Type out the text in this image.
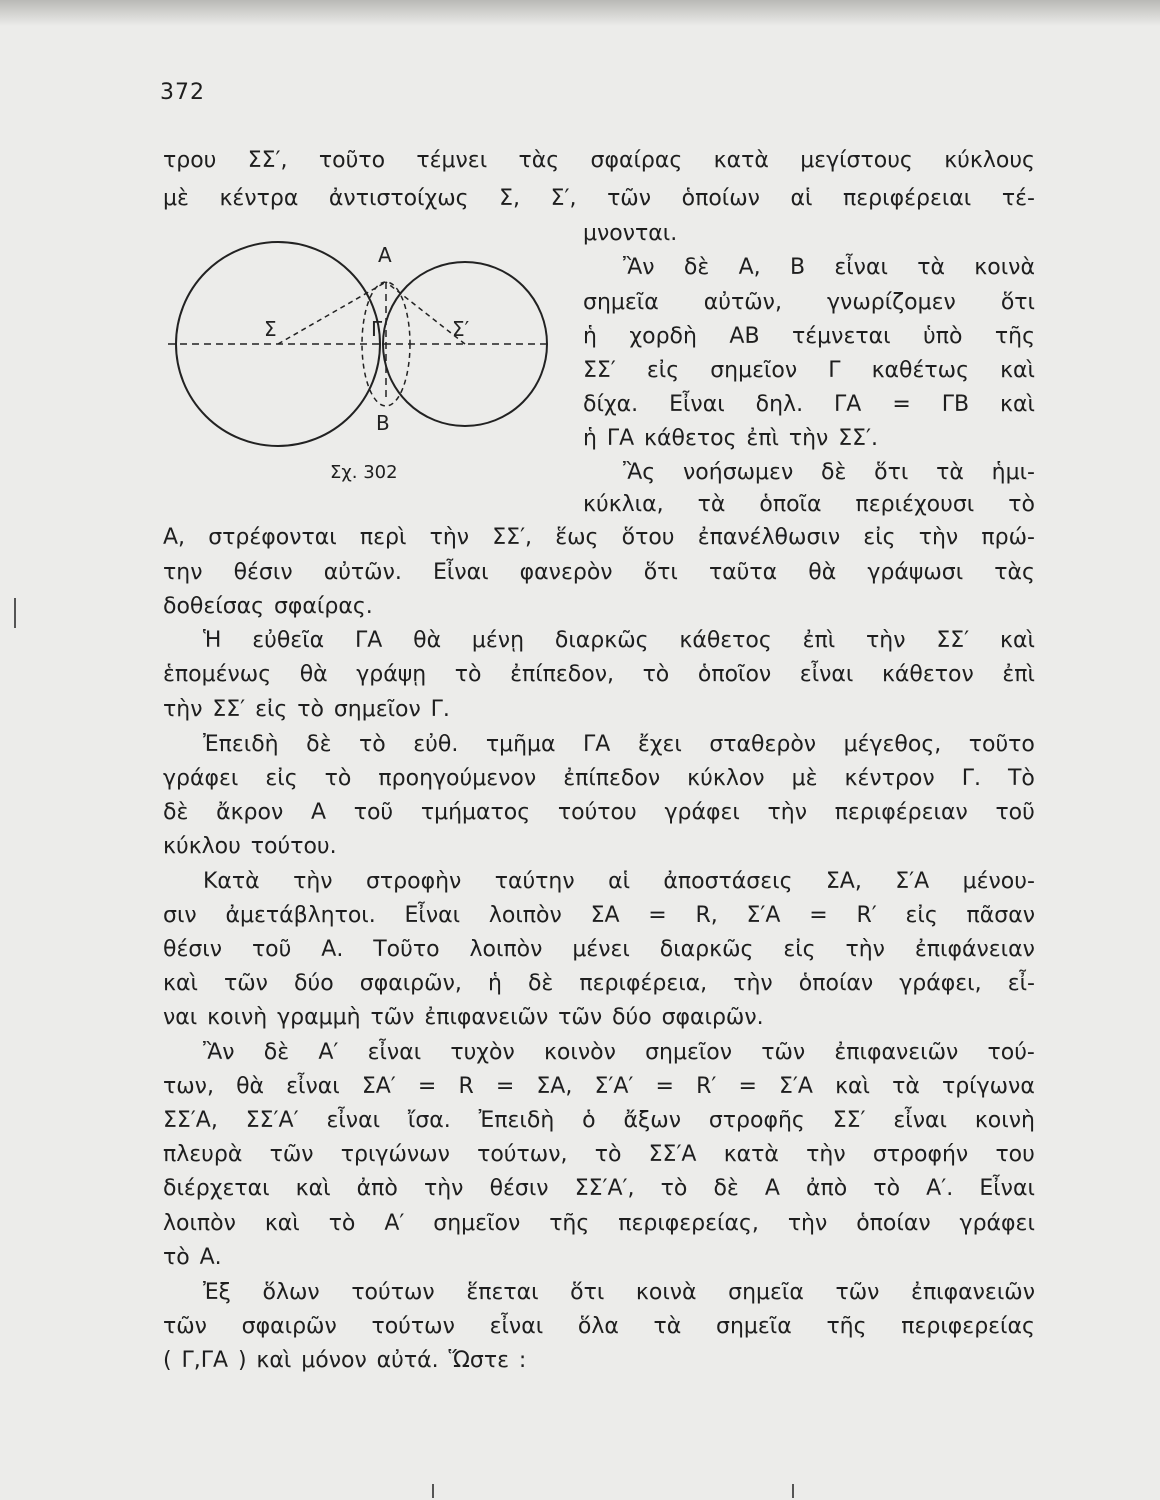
372
A
B
Σ	Γ	Σ′
Σχ. 302
τρου ΣΣ′, τοῦτο τέμνει τὰς σφαίρας κατὰ μεγίστους κύκλους
μὲ κέντρα ἀντιστοίχως Σ, Σ′, τῶν ὁποίων αἱ περιφέρειαι τέ-
μνονται.
Ἂν δὲ Α, Β εἶναι τὰ κοινὰ
σημεῖα αὐτῶν, γνωρίζομεν ὅτι
ἡ χορδὴ ΑΒ τέμνεται ὑπὸ τῆς
ΣΣ′ εἰς σημεῖον Γ καθέτως καὶ
δίχα. Εἶναι δηλ. ΓΑ = ΓΒ καὶ
ἡ ΓΑ κάθετος ἐπὶ τὴν ΣΣ′.
Ἂς νοήσωμεν δὲ ὅτι τὰ ἡμι-
κύκλια, τὰ ὁποῖα περιέχουσι τὸ
Α, στρέφονται περὶ τὴν ΣΣ′, ἕως ὅτου ἐπανέλθωσιν εἰς τὴν πρώ-
την θέσιν αὐτῶν. Εἶναι φανερὸν ὅτι ταῦτα θὰ γράψωσι τὰς
δοθείσας σφαίρας.
Ἡ εὐθεῖα ΓΑ θὰ μένῃ διαρκῶς κάθετος ἐπὶ τὴν ΣΣ′ καὶ
ἑπομένως θὰ γράψῃ τὸ ἐπίπεδον, τὸ ὁποῖον εἶναι κάθετον ἐπὶ
τὴν ΣΣ′ εἰς τὸ σημεῖον Γ.
Ἐπειδὴ δὲ τὸ εὐθ. τμῆμα ΓΑ ἔχει σταθερὸν μέγεθος, τοῦτο
γράφει εἰς τὸ προηγούμενον ἐπίπεδον κύκλον μὲ κέντρον Γ. Τὸ
δὲ ἄκρον Α τοῦ τμήματος τούτου γράφει τὴν περιφέρειαν τοῦ
κύκλου τούτου.
Κατὰ τὴν στροφὴν ταύτην αἱ ἀποστάσεις ΣΑ, Σ′Α μένου-
σιν ἀμετάβλητοι. Εἶναι λοιπὸν ΣΑ = R, Σ′Α = R′ εἰς πᾶσαν
θέσιν τοῦ Α. Τοῦτο λοιπὸν μένει διαρκῶς εἰς τὴν ἐπιφάνειαν
καὶ τῶν δύο σφαιρῶν, ἡ δὲ περιφέρεια, τὴν ὁποίαν γράφει, εἶ-
ναι κοινὴ γραμμὴ τῶν ἐπιφανειῶν τῶν δύο σφαιρῶν.
Ἂν δὲ Α′ εἶναι τυχὸν κοινὸν σημεῖον τῶν ἐπιφανειῶν τού-
των, θὰ εἶναι ΣΑ′ = R = ΣΑ, Σ′Α′ = R′ = Σ′Α καὶ τὰ τρίγωνα
ΣΣ′Α, ΣΣ′Α′ εἶναι ἴσα. Ἐπειδὴ ὁ ἄξων στροφῆς ΣΣ′ εἶναι κοινὴ
πλευρὰ τῶν τριγώνων τούτων, τὸ ΣΣ′Α κατὰ τὴν στροφήν του
διέρχεται καὶ ἀπὸ τὴν θέσιν ΣΣ′Α′, τὸ δὲ Α ἀπὸ τὸ Α′. Εἶναι
λοιπὸν καὶ τὸ Α′ σημεῖον τῆς περιφερείας, τὴν ὁποίαν γράφει
τὸ Α.
Ἐξ ὅλων τούτων ἕπεται ὅτι κοινὰ σημεῖα τῶν ἐπιφανειῶν
τῶν σφαιρῶν τούτων εἶναι ὅλα τὰ σημεῖα τῆς περιφερείας
( Γ,ΓΑ ) καὶ μόνον αὐτά. Ὥστε :
